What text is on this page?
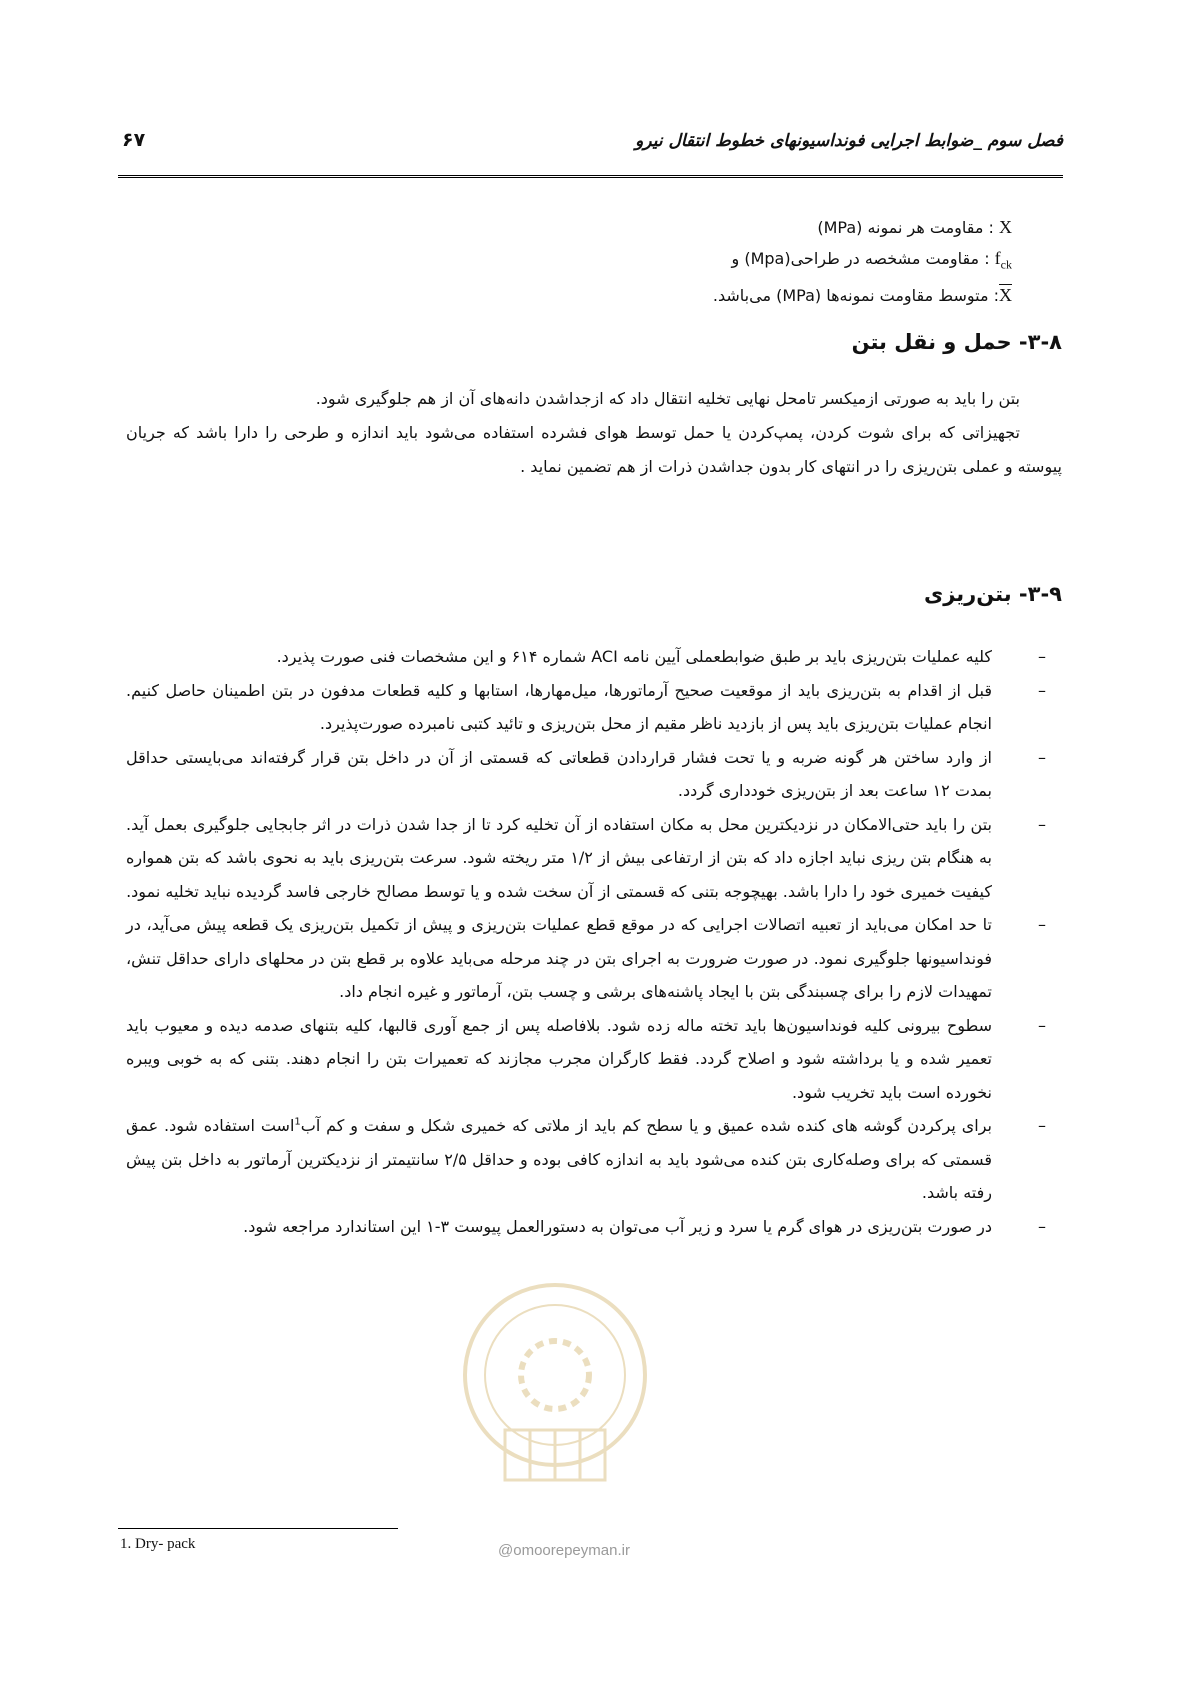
فصل سوم _ضوابط اجرایی فونداسیونهای خطوط انتقال نیرو
۶۷
X : مقاومت هر نمونه (MPa)
$f_{ck}$ : مقاومت مشخصه در طراحی(Mpa) و
X: متوسط مقاومت نمونه‌ها (MPa) می‌باشد.
۳-۸- حمل و نقل بتن

بتن را باید به صورتی ازمیکسر تامحل نهایی تخلیه انتقال داد که ازجداشدن دانه‌های آن از هم جلوگیری شود.

تجهیزاتی که برای شوت کردن، پمپ‌کردن یا حمل توسط هوای فشرده استفاده می‌شود باید اندازه و طرحی را دارا باشد که جریان پیوسته و عملی بتن‌ریزی را در انتهای کار بدون جداشدن ذرات از هم تضمین نماید .

۳-۹- بتن‌ریزی
–
کلیه عملیات بتن‌ریزی باید بر طبق ضوابطعملی آیین نامه ACI شماره ۶۱۴ و این مشخصات فنی صورت پذیرد.
–
قبل از اقدام به بتن‌ریزی باید از موقعیت صحیح آرماتورها، میل‌مهارها، استابها و کلیه قطعات مدفون در بتن اطمینان حاصل کنیم. انجام عملیات بتن‌ریزی باید پس از بازدید ناظر مقیم از محل بتن‌ریزی و تائید کتبی نامبرده صورت‌پذیرد.
–
از وارد ساختن هر گونه ضربه و یا تحت فشار قراردادن قطعاتی که قسمتی از آن در داخل بتن قرار گرفته‌اند می‌بایستی حداقل بمدت ۱۲ ساعت بعد از بتن‌ریزی خودداری گردد.
–
بتن را باید حتی‌الامکان در نزدیکترین محل به مکان استفاده از آن تخلیه کرد تا از جدا شدن ذرات در اثر جابجایی جلوگیری بعمل آید. به هنگام بتن ریزی نباید اجازه داد که بتن از ارتفاعی بیش از ۱/۲ متر ریخته شود. سرعت بتن‌ریزی باید به نحوی باشد که بتن همواره کیفیت خمیری خود را دارا باشد. بهیچوجه بتنی که قسمتی از آن سخت شده و یا توسط مصالح خارجی فاسد گردیده نباید تخلیه نمود.
–
تا حد امکان می‌باید از تعبیه اتصالات اجرایی که در موقع قطع عملیات بتن‌ریزی و پیش از تکمیل بتن‌ریزی یک قطعه پیش می‌آید، در فونداسیونها جلوگیری نمود. در صورت ضرورت به اجرای بتن در چند مرحله می‌باید علاوه بر قطع بتن در محلهای دارای حداقل تنش، تمهیدات لازم را برای چسبندگی بتن با ایجاد پاشنه‌های برشی و چسب بتن، آرماتور و غیره انجام داد.
–
سطوح بیرونی کلیه فونداسیون‌ها باید تخته ماله زده شود. بلافاصله پس از جمع آوری قالبها، کلیه بتنهای صدمه دیده و معیوب باید تعمیر شده و یا برداشته شود و اصلاح گردد. فقط کارگران مجرب مجازند که تعمیرات بتن را انجام دهند. بتنی که به خوبی ویبره نخورده است باید تخریب شود.
–
برای پرکردن گوشه های کنده شده عمیق و یا سطح کم باید از ملاتی که خمیری شکل و سفت و کم آب$^1$است استفاده شود. عمق قسمتی که برای وصله‌کاری بتن کنده می‌شود باید به اندازه کافی بوده و حداقل ۲/۵ سانتیمتر از نزدیکترین آرماتور به داخل بتن پیش رفته باشد.
–
در صورت بتن‌ریزی در هوای گرم یا سرد و زیر آب می‌توان به دستورالعمل پیوست ۳-۱ این استاندارد مراجعه شود.
1. Dry- pack	@omoorepeyman.ir
